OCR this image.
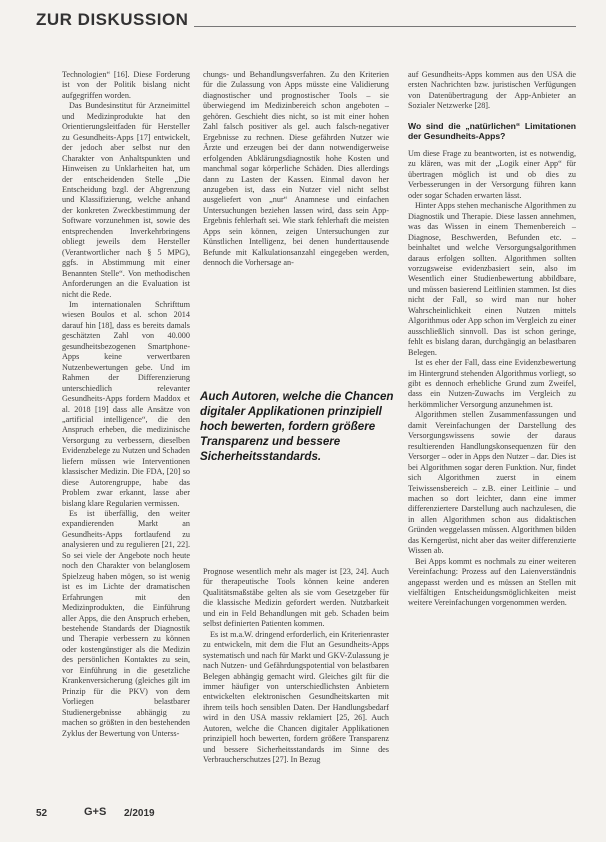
ZUR DISKUSSION

Technologien“ [16]. Diese Forderung ist von der Politik bislang nicht aufgegriffen worden.

Das Bundesinstitut für Arzneimittel und Medizinprodukte hat den Orientierungsleitfaden für Hersteller zu Gesundheits-Apps [17] entwickelt, der jedoch aber selbst nur den Charakter von Anhaltspunkten und Hinweisen zu Unklarheiten hat, um der entscheidenden Stelle „Die Entscheidung bzgl. der Abgrenzung und Klassifizierung, welche anhand der konkreten Zweckbestimmung der Software vorzunehmen ist, sowie des entsprechenden Inverkehrbringens obliegt jeweils dem Hersteller (Verantwortlicher nach § 5 MPG), ggfs. in Abstimmung mit einer Benannten Stelle“. Von methodischen Anforderungen an die Evaluation ist nicht die Rede.

Im internationalen Schrifttum wiesen Boulos et al. schon 2014 darauf hin [18], dass es bereits damals geschätzten Zahl von 40.000 gesundheitsbezogenen Smartphone-Apps keine verwertbaren Nutzenbewertungen gebe. Und im Rahmen der Differenzierung unterschiedlich relevanter Gesundheits-Apps fordern Maddox et al. 2018 [19] dass alle Ansätze von „artificial intelligence“, die den Anspruch erheben, die medizinische Versorgung zu verbessern, dieselben Evidenzbelege zu Nutzen und Schaden liefern müssen wie Interventionen klassischer Medizin. Die FDA, [20] so diese Autorengruppe, habe das Problem zwar erkannt, lasse aber bislang klare Regularien vermissen.

Es ist überfällig, den weiter expandierenden Markt an Gesundheits-Apps fortlaufend zu analysieren und zu regulieren [21, 22]. So sei viele der Angebote noch heute noch den Charakter von belanglosem Spielzeug haben mögen, so ist wenig ist es im Lichte der dramatischen Erfahrungen mit den Medizinprodukten, die Einführung aller Apps, die den Anspruch erheben, bestehende Standards der Diagnostik und Therapie verbessern zu können oder kostengünstiger als die Medizin des persönlichen Kontaktes zu sein, vor Einführung in die gesetzliche Krankenversicherung (gleiches gilt im Prinzip für die PKV) von dem Vorliegen belastbarer Studienergebnisse abhängig zu machen so größten in den bestehenden Zyklus der Bewertung von Unterss-

chungs- und Behandlungsverfahren. Zu den Kriterien für die Zulassung von Apps müsste eine Validierung diagnostischer und prognostischer Tools – sie überwiegend im Medizinbereich schon angeboten – gehören. Geschieht dies nicht, so ist mit einer hohen Zahl falsch positiver als gel. auch falsch-negativer Ergebnisse zu rechnen. Diese gefährden Nutzer wie Ärzte und erzeugen bei der dann notwendigerweise erfolgenden Abklärungsdiagnostik hohe Kosten und manchmal sogar körperliche Schäden. Dies allerdings dann zu Lasten der Kassen. Einmal davon her anzugeben ist, dass ein Nutzer viel nicht selbst ausgeliefert von „nur“ Anamnese und einfachen Untersuchungen beziehen lassen wird, dass sein App-Ergebnis fehlerhaft sei. Wie stark fehlerhaft die meisten Apps sein können, zeigen Untersuchungen zur Künstlichen Intelligenz, bei denen hunderttausende Befunde mit Kalkulationsanzahl eingegeben werden, dennoch die Vorhersage an-

Prognose wesentlich mehr als mager ist [23, 24]. Auch für therapeutische Tools können keine anderen Qualitätsmaßstäbe gelten als sie vom Gesetzgeber für die klassische Medizin gefordert werden. Nutzbarkeit und ein in Feld Behandlungen mit geb. Schaden beim selbst definierten Patienten kommen.

Es ist m.a.W. dringend erforderlich, ein Kriterienraster zu entwickeln, mit dem die Flut an Gesundheits-Apps systematisch und nach für Markt und GKV-Zulassung je nach Nutzen- und Gefährdungspotential von belastbaren Belegen abhängig gemacht wird. Gleiches gilt für die immer häufiger von unterschiedlichsten Anbietern entwickelten elektronischen Gesundheitskarten mit ihrem teils hoch sensiblen Daten. Der Handlungsbedarf wird in den USA massiv reklamiert [25, 26]. Auch Autoren, welche die Chancen digitaler Applikationen prinzipiell hoch bewerten, fordern größere Transparenz und bessere Sicherheitsstandards im Sinne des Verbraucherschutzes [27]. In Bezug

Auch Autoren, welche die Chancen digitaler Applikationen prinzipiell hoch bewerten, fordern größere Transparenz und bessere Sicherheitsstandards.

auf Gesundheits-Apps kommen aus den USA die ersten Nachrichten bzw. juristischen Verfügungen von Datenübertragung der App-Anbieter an Sozialer Netzwerke [28].

Wo sind die „natürlichen“ Limitationen der Gesundheits-Apps?

Um diese Frage zu beantworten, ist es notwendig, zu klären, was mit der „Logik einer App“ für übertragen möglich ist und ob dies zu Verbesserungen in der Versorgung führen kann oder sogar Schaden erwarten lässt.

Hinter Apps stehen mechanische Algorithmen zu Diagnostik und Therapie. Diese lassen annehmen, was das Wissen in einem Themenbereich – Diagnose, Beschwerden, Befunden etc. – beinhaltet und welche Versorgungsalgorithmen daraus erfolgen sollten. Algorithmen sollten vorzugsweise evidenzbasiert sein, also im Wesentlich einer Studienbewertung abbildbare, und müssen basierend Leitlinien stammen. Ist dies nicht der Fall, so wird man nur hoher Wahrscheinlichkeit einen Nutzen mittels Algorithmus oder App schon im Vergleich zu einer ausschließlich sinnvoll. Das ist schon geringe, fehlt es bislang daran, durchgängig an belastbaren Belegen.

Ist es eher der Fall, dass eine Evidenzbewertung im Hintergrund stehenden Algorithmus vorliegt, so gibt es dennoch erhebliche Grund zum Zweifel, dass ein Nutzen-Zuwachs im Vergleich zu herkömmlicher Versorgung anzunehmen ist.

Algorithmen stellen Zusammenfassungen und damit Vereinfachungen der Darstellung des Versorgungswissens sowie der daraus resultierenden Handlungskonsequenzen für den Versorger – oder in Apps den Nutzer – dar. Dies ist bei Algorithmen sogar deren Funktion. Nur, findet sich Algorithmen zuerst in einem Teiwissensbereich – z.B. einer Leitlinie – und machen so dort leichter, dann eine immer differenziertere Darstellung auch nachzulesen, die in allen Algorithmen schon aus didaktischen Gründen weggelassen müssen. Algorithmen bilden das Kerngerüst, nicht aber das weiter differenzierte Wissen ab.

Bei Apps kommt es nochmals zu einer weiteren Vereinfachung: Prozess auf den Laienverständnis angepasst werden und es müssen an Stellen mit vielfältigen Entscheidungsmöglichkeiten meist weitere Vereinfachungen vorgenommen werden.

52	G+S 2/2019
